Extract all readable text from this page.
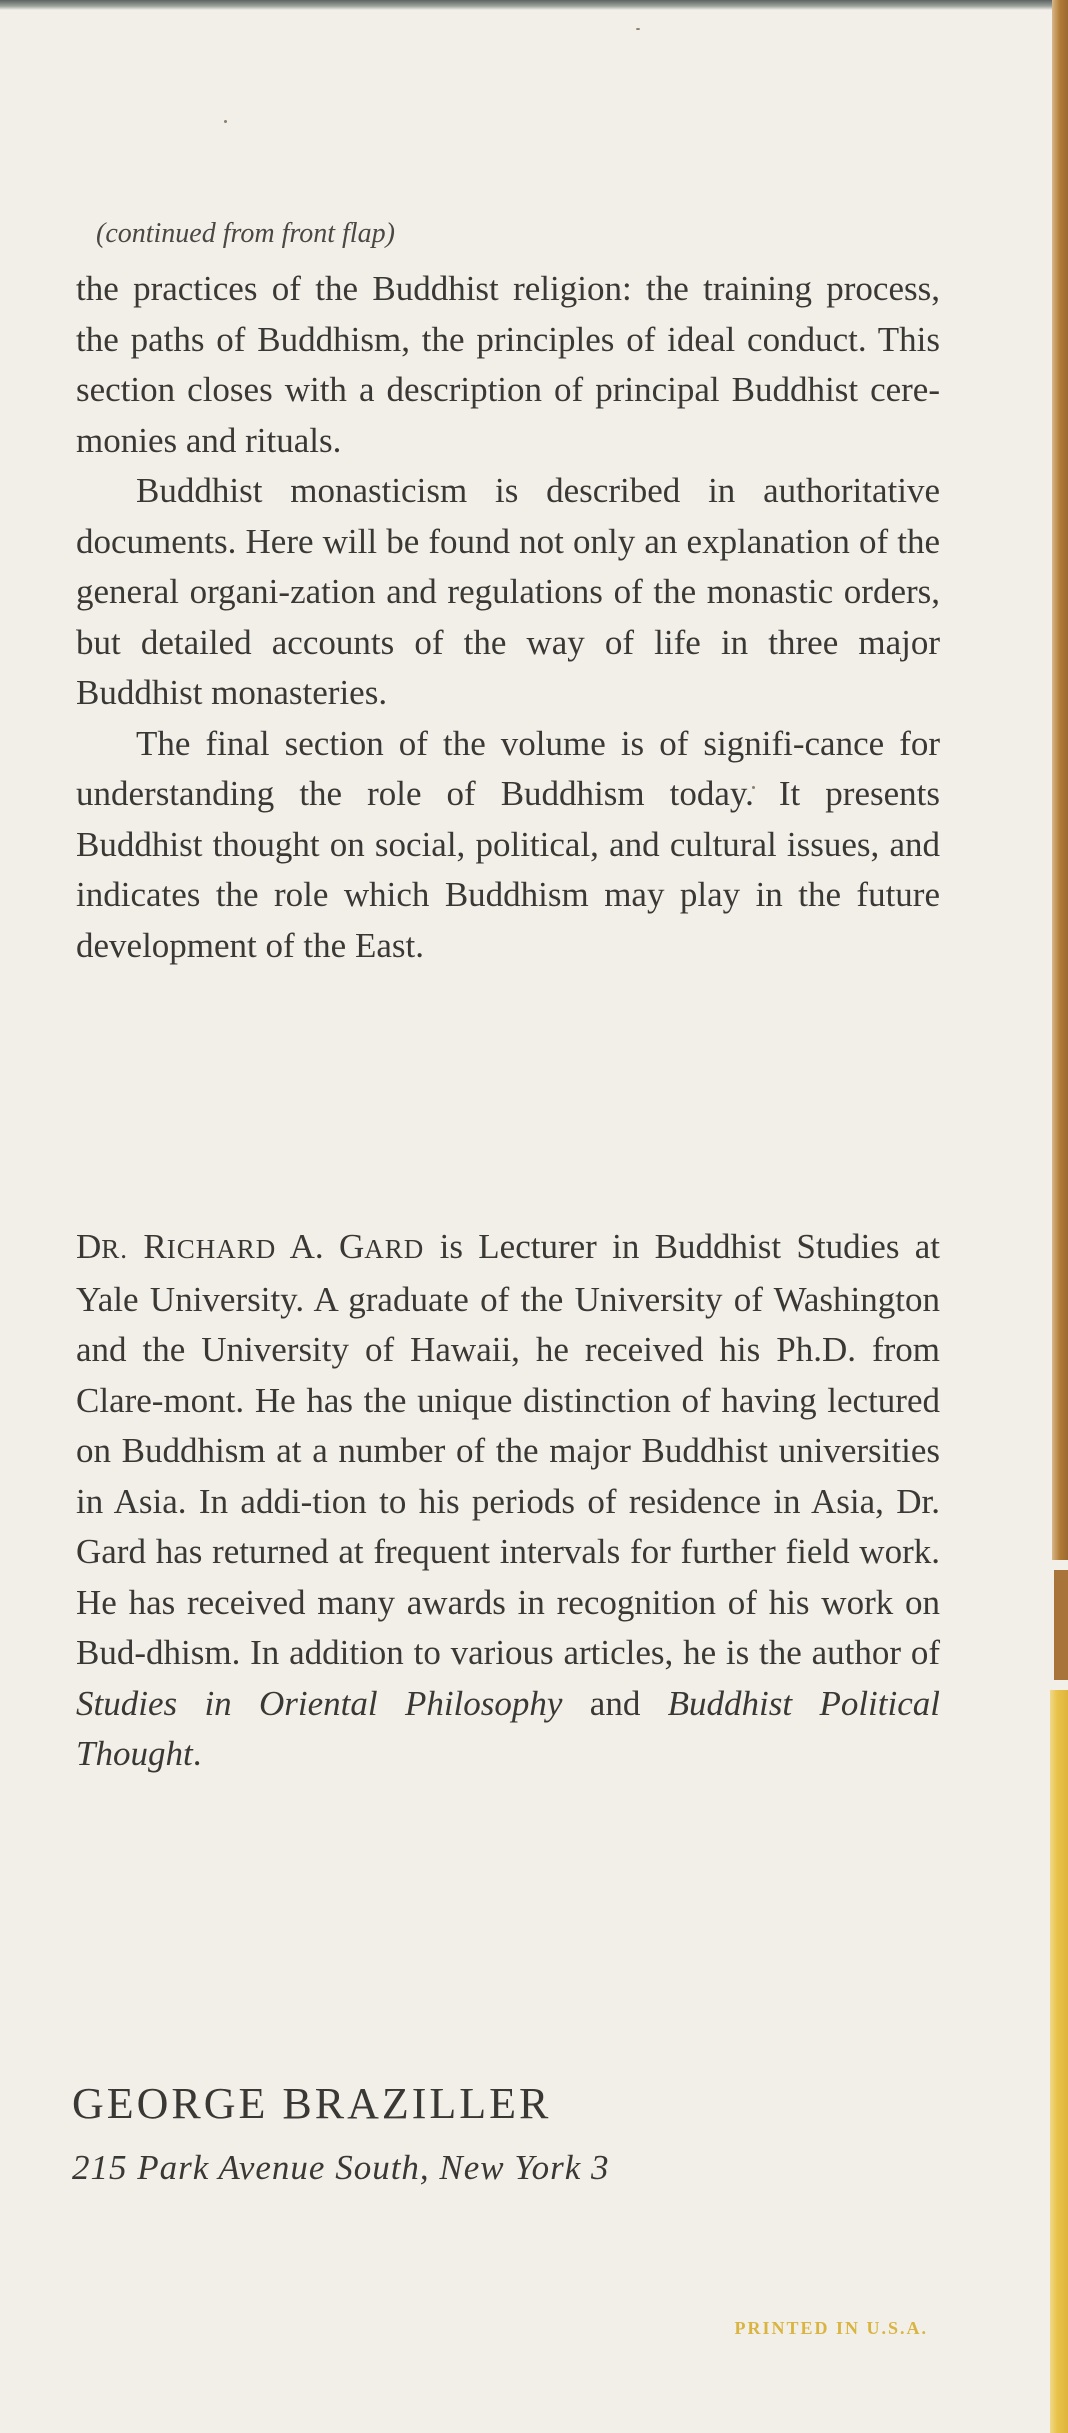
(continued from front flap)

the practices of the Buddhist religion: the training process, the paths of Buddhism, the principles of ideal conduct. This section closes with a description of principal Buddhist cere-monies and rituals.

Buddhist monasticism is described in authoritative documents. Here will be found not only an explanation of the general organi-zation and regulations of the monastic orders, but detailed accounts of the way of life in three major Buddhist monasteries.

The final section of the volume is of signifi-cance for understanding the role of Buddhism today. It presents Buddhist thought on social, political, and cultural issues, and indicates the role which Buddhism may play in the future development of the East.

DR. RICHARD A. GARD is Lecturer in Buddhist Studies at Yale University. A graduate of the University of Washington and the University of Hawaii, he received his Ph.D. from Clare-mont. He has the unique distinction of having lectured on Buddhism at a number of the major Buddhist universities in Asia. In addi-tion to his periods of residence in Asia, Dr. Gard has returned at frequent intervals for further field work. He has received many awards in recognition of his work on Bud-dhism. In addition to various articles, he is the author of Studies in Oriental Philosophy and Buddhist Political Thought.

GEORGE BRAZILLER
215 Park Avenue South, New York 3
PRINTED IN U.S.A.
